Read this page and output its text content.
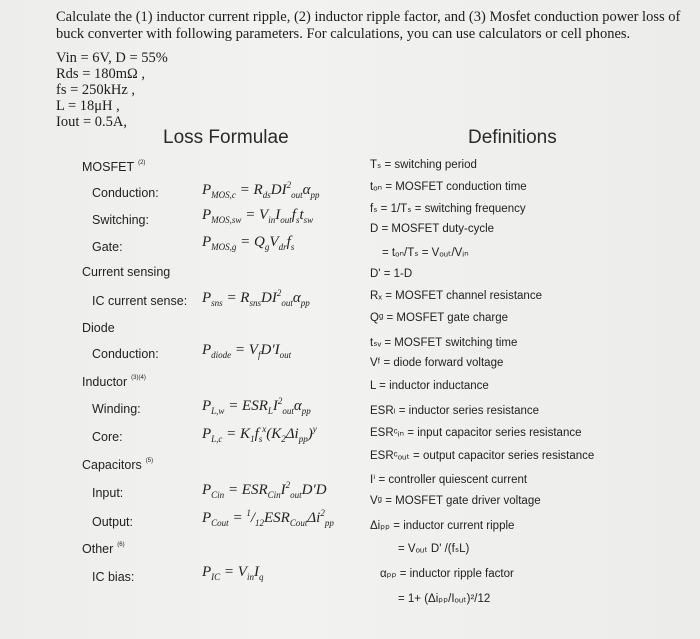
Calculate the (1) inductor current ripple, (2) inductor ripple factor, and (3) Mosfet conduction power loss of buck converter with following parameters. For calculations, you can use calculators or cell phones.
Vin = 6V, D = 55%
Rds = 180mΩ ,
fs = 250kHz ,
L = 18μH ,
Iout = 0.5A,
Loss Formulae	Definitions
MOSFET $^{(2)}$
Conduction:
Switching:
Gate:
Current sensing
IC current sense:
Diode
Conduction:
Inductor $^{(3)(4)}$
Winding:
Core:
Capacitors $^{(5)}$
Input:
Output:
Other $^{(6)}$
IC bias:
$P_{MOS,c} = R_{ds}DI^2_{out}\alpha_{pp}$
$P_{MOS,sw} = V_{in}I_{out}f_st_{sw}$
$P_{MOS,g} = Q_gV_{dr}f_s$
$P_{sns} = R_{sns}DI^2_{out}\alpha_{pp}$
$P_{diode} = V_fD'I_{out}$
$P_{L,w} = ESR_LI^2_{out}\alpha_{pp}$
$P_{L,c} = K_1f_s^x(K_2\Delta i_{pp})^y$
$P_{Cin} = ESR_{Cin}I^2_{out}D'D$
$P_{Cout} = ^1/_{12}ESR_{Cout}\Delta i^2_{pp}$
$P_{IC} = V_{in}I_q$
Tₛ = switching period
tₒₙ = MOSFET conduction time
fₛ = 1/Tₛ = switching frequency
D = MOSFET duty-cycle
= tₒₙ/Tₛ = Vₒᵤₜ/Vᵢₙ
D' = 1-D
Rₓ = MOSFET channel resistance
Qᵍ = MOSFET gate charge
tₛᵥ = MOSFET switching time
Vᶠ = diode forward voltage
L = inductor inductance
ESRₗ = inductor series resistance
ESRᶜᵢₙ = input capacitor series resistance
ESRᶜₒᵤₜ = output capacitor series resistance
Iⁱ = controller quiescent current
Vᵍ = MOSFET gate driver voltage
Δiₚₚ = inductor current ripple
= Vₒᵤₜ D' /(fₛL)
αₚₚ = inductor ripple factor
= 1+ (Δiₚₚ/Iₒᵤₜ)²/12
